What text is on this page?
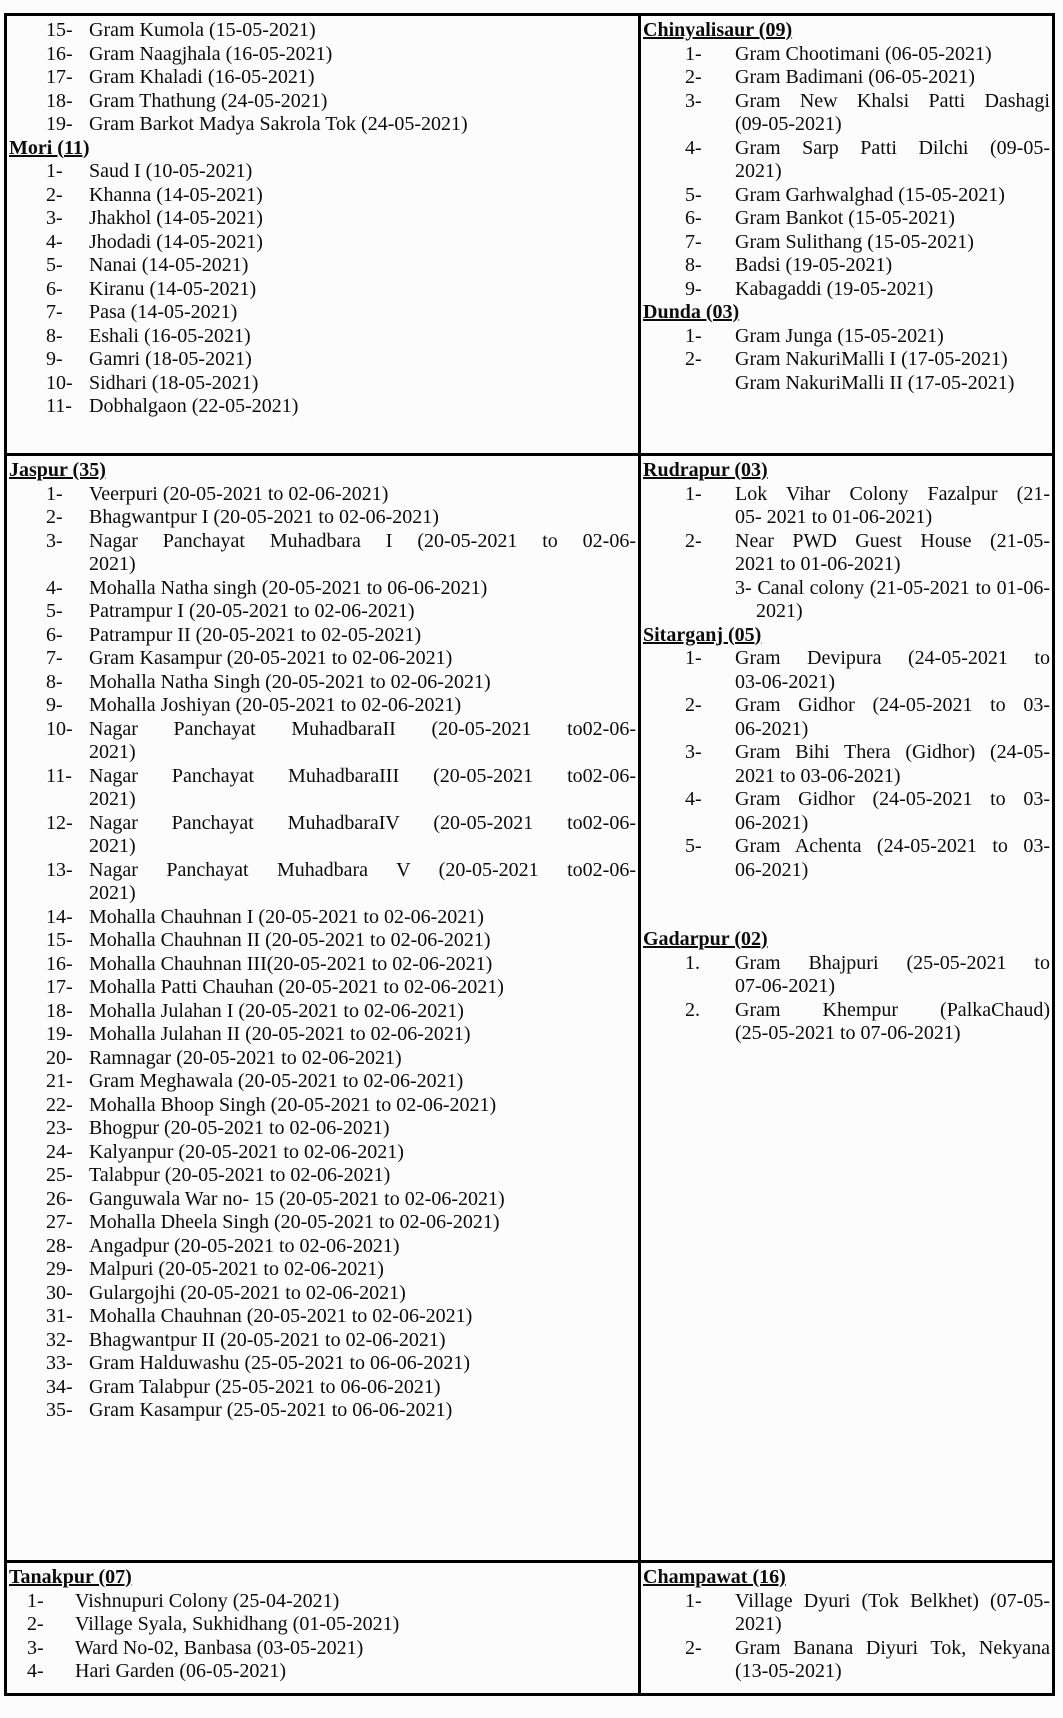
15- Gram Kumola (15-05-2021)
16- Gram Naagjhala (16-05-2021)
17- Gram Khaladi (16-05-2021)
18- Gram Thathung (24-05-2021)
19- Gram Barkot Madya Sakrola Tok (24-05-2021)
Mori (11)
1-	Saud I (10-05-2021)
2-	Khanna (14-05-2021)
3-	Jhakhol (14-05-2021)
4-	Jhodadi (14-05-2021)
5-	Nanai (14-05-2021)
6-	Kiranu (14-05-2021)
7-	Pasa (14-05-2021)
8-	Eshali (16-05-2021)
9-	Gamri (18-05-2021)
10- Sidhari (18-05-2021)
11- Dobhalgaon (22-05-2021)
Chinyalisaur (09)
1-	Gram Chootimani (06-05-2021)
2-	Gram Badimani (06-05-2021)
3-	Gram New Khalsi Patti Dashagi
(09-05-2021)
4-	Gram Sarp Patti Dilchi (09-05-
2021)
5-	Gram Garhwalghad (15-05-2021)
6-	Gram Bankot (15-05-2021)
7-	Gram Sulithang (15-05-2021)
8-	Badsi (19-05-2021)
9-	Kabagaddi (19-05-2021)
Dunda (03)
1-	Gram Junga (15-05-2021)
2-	Gram NakuriMalli I (17-05-2021)
Gram NakuriMalli II (17-05-2021)
Jaspur (35)
1-	Veerpuri (20-05-2021 to 02-06-2021)
2-	Bhagwantpur I (20-05-2021 to 02-06-2021)
3-	Nagar Panchayat Muhadbara I (20-05-2021 to 02-06-
2021)
4-	Mohalla Natha singh (20-05-2021 to 06-06-2021)
5-	Patrampur I (20-05-2021 to 02-06-2021)
6-	Patrampur II (20-05-2021 to 02-05-2021)
7-	Gram Kasampur (20-05-2021 to 02-06-2021)
8-	Mohalla Natha Singh (20-05-2021 to 02-06-2021)
9-	Mohalla Joshiyan (20-05-2021 to 02-06-2021)
10- Nagar Panchayat MuhadbaraII (20-05-2021 to02-06-
2021)
11- Nagar Panchayat MuhadbaraIII (20-05-2021 to02-06-
2021)
12- Nagar Panchayat MuhadbaraIV (20-05-2021 to02-06-
2021)
13- Nagar Panchayat Muhadbara V (20-05-2021 to02-06-
2021)
14- Mohalla Chauhnan I (20-05-2021 to 02-06-2021)
15- Mohalla Chauhnan II (20-05-2021 to 02-06-2021)
16- Mohalla Chauhnan III(20-05-2021 to 02-06-2021)
17- Mohalla Patti Chauhan (20-05-2021 to 02-06-2021)
18- Mohalla Julahan I (20-05-2021 to 02-06-2021)
19- Mohalla Julahan II (20-05-2021 to 02-06-2021)
20- Ramnagar (20-05-2021 to 02-06-2021)
21- Gram Meghawala (20-05-2021 to 02-06-2021)
22- Mohalla Bhoop Singh (20-05-2021 to 02-06-2021)
23- Bhogpur (20-05-2021 to 02-06-2021)
24- Kalyanpur (20-05-2021 to 02-06-2021)
25- Talabpur (20-05-2021 to 02-06-2021)
26- Ganguwala War no- 15 (20-05-2021 to 02-06-2021)
27- Mohalla Dheela Singh (20-05-2021 to 02-06-2021)
28- Angadpur (20-05-2021 to 02-06-2021)
29- Malpuri (20-05-2021 to 02-06-2021)
30- Gulargojhi (20-05-2021 to 02-06-2021)
31- Mohalla Chauhnan (20-05-2021 to 02-06-2021)
32- Bhagwantpur II (20-05-2021 to 02-06-2021)
33- Gram Halduwashu (25-05-2021 to 06-06-2021)
34- Gram Talabpur (25-05-2021 to 06-06-2021)
35- Gram Kasampur (25-05-2021 to 06-06-2021)
Rudrapur (03)
1-	Lok Vihar Colony Fazalpur (21-
05- 2021 to 01-06-2021)
2-	Near PWD Guest House (21-05-
2021 to 01-06-2021)
3- Canal colony (21-05-2021 to 01-06-
2021)
Sitarganj (05)
1-	Gram Devipura (24-05-2021 to
03-06-2021)
2-	Gram Gidhor (24-05-2021 to 03-
06-2021)
3-	Gram Bihi Thera (Gidhor) (24-05-
2021 to 03-06-2021)
4-	Gram Gidhor (24-05-2021 to 03-
06-2021)
5-	Gram Achenta (24-05-2021 to 03-
06-2021)
Gadarpur (02)
1.	Gram Bhajpuri (25-05-2021 to
07-06-2021)
2.	Gram Khempur (PalkaChaud)
(25-05-2021 to 07-06-2021)
Tanakpur (07)
1-	Vishnupuri Colony (25-04-2021)
2-	Village Syala, Sukhidhang (01-05-2021)
3-	Ward No-02, Banbasa (03-05-2021)
4-	Hari Garden (06-05-2021)
Champawat (16)
1-	Village Dyuri (Tok Belkhet) (07-05-
2021)
2-	Gram Banana Diyuri Tok, Nekyana
(13-05-2021)
